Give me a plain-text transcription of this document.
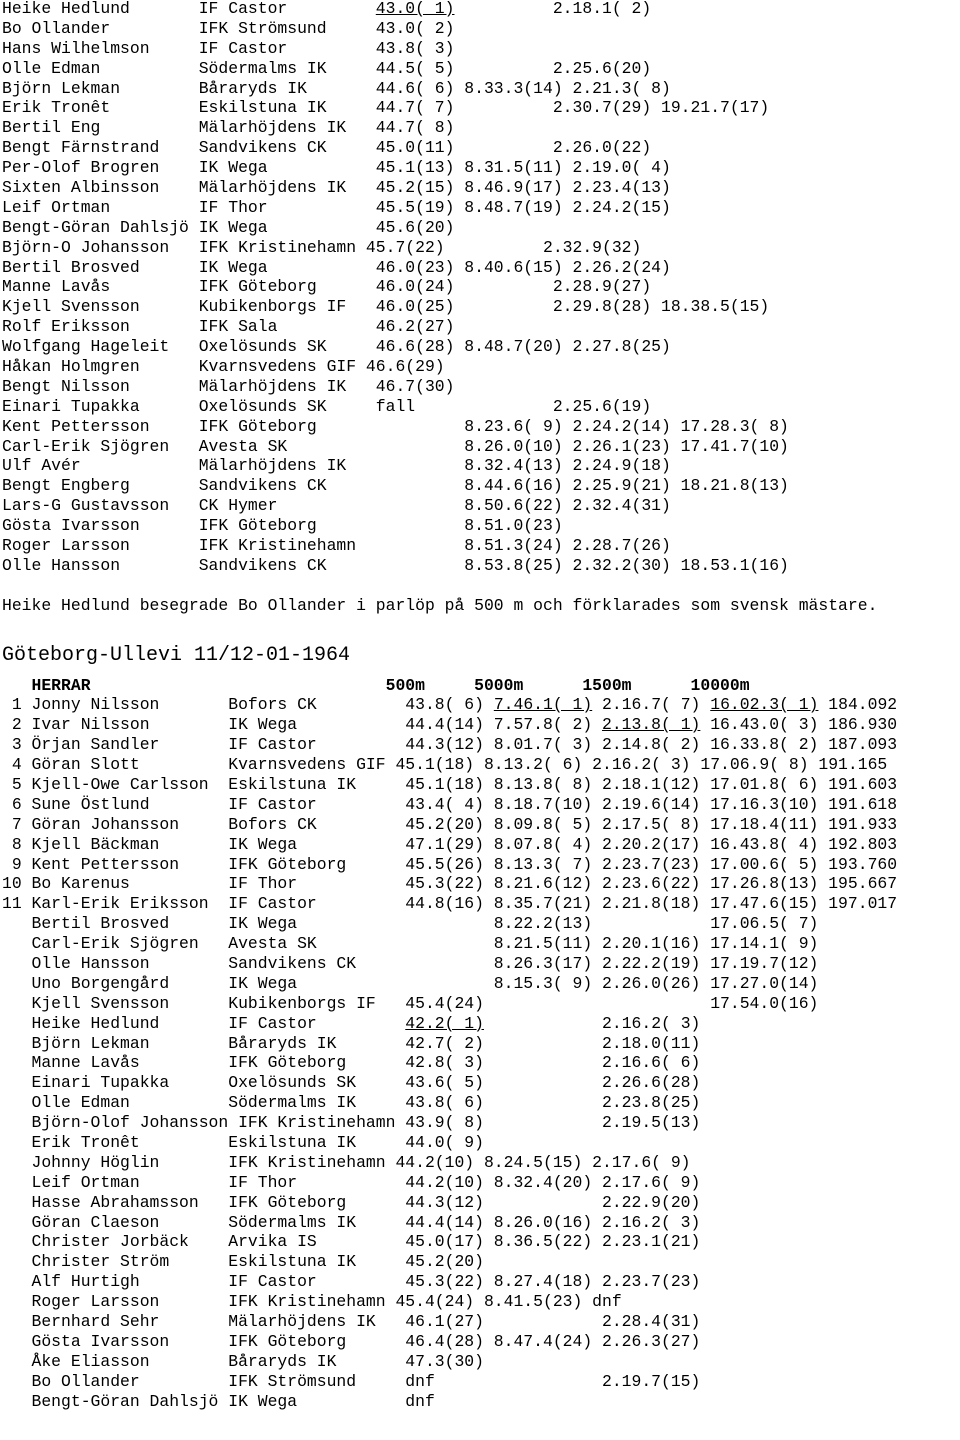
Heike Hedlund       IF Castor         43.0( 1)          2.18.1( 2)
Bo Ollander         IFK Strömsund     43.0( 2)
Hans Wilhelmson     IF Castor         43.8( 3)
Olle Edman          Södermalms IK     44.5( 5)          2.25.6(20)
Björn Lekman        Båraryds IK       44.6( 6) 8.33.3(14) 2.21.3( 8)
Erik Tronêt         Eskilstuna IK     44.7( 7)          2.30.7(29) 19.21.7(17)
Bertil Eng          Mälarhöjdens IK   44.7( 8)
Bengt Färnstrand    Sandvikens CK     45.0(11)          2.26.0(22)
Per-Olof Brogren    IK Wega           45.1(13) 8.31.5(11) 2.19.0( 4)
Sixten Albinsson    Mälarhöjdens IK   45.2(15) 8.46.9(17) 2.23.4(13)
Leif Ortman         IF Thor           45.5(19) 8.48.7(19) 2.24.2(15)
Bengt-Göran Dahlsjö IK Wega           45.6(20)
Björn-O Johansson   IFK Kristinehamn 45.7(22)          2.32.9(32)
Bertil Brosved      IK Wega           46.0(23) 8.40.6(15) 2.26.2(24)
Manne Lavås         IFK Göteborg      46.0(24)          2.28.9(27)
Kjell Svensson      Kubikenborgs IF   46.0(25)          2.29.8(28) 18.38.5(15)
Rolf Eriksson       IFK Sala          46.2(27)
Wolfgang Hageleit   Oxelösunds SK     46.6(28) 8.48.7(20) 2.27.8(25)
Håkan Holmgren      Kvarnsvedens GIF 46.6(29)
Bengt Nilsson       Mälarhöjdens IK   46.7(30)
Einari Tupakka      Oxelösunds SK     fall              2.25.6(19)
Kent Pettersson     IFK Göteborg               8.23.6( 9) 2.24.2(14) 17.28.3( 8)
Carl-Erik Sjögren   Avesta SK                  8.26.0(10) 2.26.1(23) 17.41.7(10)
Ulf Avér            Mälarhöjdens IK            8.32.4(13) 2.24.9(18)
Bengt Engberg       Sandvikens CK              8.44.6(16) 2.25.9(21) 18.21.8(13)
Lars-G Gustavsson   CK Hymer                   8.50.6(22) 2.32.4(31)
Gösta Ivarsson      IFK Göteborg               8.51.0(23)
Roger Larsson       IFK Kristinehamn           8.51.3(24) 2.28.7(26)
Olle Hansson        Sandvikens CK              8.53.8(25) 2.32.2(30) 18.53.1(16)
Heike Hedlund besegrade Bo Ollander i parlöp på 500 m och förklarades som svensk mästare.
Göteborg-Ullevi 11/12-01-1964
HERRAR                              500m     5000m      1500m      10000m
1 Jonny Nilsson       Bofors CK         43.8( 6) 7.46.1( 1) 2.16.7( 7) 16.02.3( 1) 184.092
2 Ivar Nilsson        IK Wega           44.4(14) 7.57.8( 2) 2.13.8( 1) 16.43.0( 3) 186.930
3 Örjan Sandler       IF Castor         44.3(12) 8.01.7( 3) 2.14.8( 2) 16.33.8( 2) 187.093
4 Göran Slott         Kvarnsvedens GIF 45.1(18) 8.13.2( 6) 2.16.2( 3) 17.06.9( 8) 191.165
5 Kjell-Owe Carlsson  Eskilstuna IK     45.1(18) 8.13.8( 8) 2.18.1(12) 17.01.8( 6) 191.603
6 Sune Östlund        IF Castor         43.4( 4) 8.18.7(10) 2.19.6(14) 17.16.3(10) 191.618
7 Göran Johansson     Bofors CK         45.2(20) 8.09.8( 5) 2.17.5( 8) 17.18.4(11) 191.933
8 Kjell Bäckman       IK Wega           47.1(29) 8.07.8( 4) 2.20.2(17) 16.43.8( 4) 192.803
9 Kent Pettersson     IFK Göteborg      45.5(26) 8.13.3( 7) 2.23.7(23) 17.00.6( 5) 193.760
10 Bo Karenus          IF Thor           45.3(22) 8.21.6(12) 2.23.6(22) 17.26.8(13) 195.667
11 Karl-Erik Eriksson  IF Castor         44.8(16) 8.35.7(21) 2.21.8(18) 17.47.6(15) 197.017
Bertil Brosved      IK Wega                    8.22.2(13)            17.06.5( 7)
Carl-Erik Sjögren   Avesta SK                  8.21.5(11) 2.20.1(16) 17.14.1( 9)
Olle Hansson        Sandvikens CK              8.26.3(17) 2.22.2(19) 17.19.7(12)
Uno Borgengård      IK Wega                    8.15.3( 9) 2.26.0(26) 17.27.0(14)
Kjell Svensson      Kubikenborgs IF   45.4(24)                       17.54.0(16)
Heike Hedlund       IF Castor         42.2( 1)            2.16.2( 3)
Björn Lekman        Båraryds IK       42.7( 2)            2.18.0(11)
Manne Lavås         IFK Göteborg      42.8( 3)            2.16.6( 6)
Einari Tupakka      Oxelösunds SK     43.6( 5)            2.26.6(28)
Olle Edman          Södermalms IK     43.8( 6)            2.23.8(25)
Björn-Olof Johansson IFK Kristinehamn 43.9( 8)            2.19.5(13)
Erik Tronêt         Eskilstuna IK     44.0( 9)
Johnny Höglin       IFK Kristinehamn 44.2(10) 8.24.5(15) 2.17.6( 9)
Leif Ortman         IF Thor           44.2(10) 8.32.4(20) 2.17.6( 9)
Hasse Abrahamsson   IFK Göteborg      44.3(12)            2.22.9(20)
Göran Claeson       Södermalms IK     44.4(14) 8.26.0(16) 2.16.2( 3)
Christer Jorbäck    Arvika IS         45.0(17) 8.36.5(22) 2.23.1(21)
Christer Ström      Eskilstuna IK     45.2(20)
Alf Hurtigh         IF Castor         45.3(22) 8.27.4(18) 2.23.7(23)
Roger Larsson       IFK Kristinehamn 45.4(24) 8.41.5(23) dnf
Bernhard Sehr       Mälarhöjdens IK   46.1(27)            2.28.4(31)
Gösta Ivarsson      IFK Göteborg      46.4(28) 8.47.4(24) 2.26.3(27)
Åke Eliasson        Båraryds IK       47.3(30)
Bo Ollander         IFK Strömsund     dnf                 2.19.7(15)
Bengt-Göran Dahlsjö IK Wega           dnf
